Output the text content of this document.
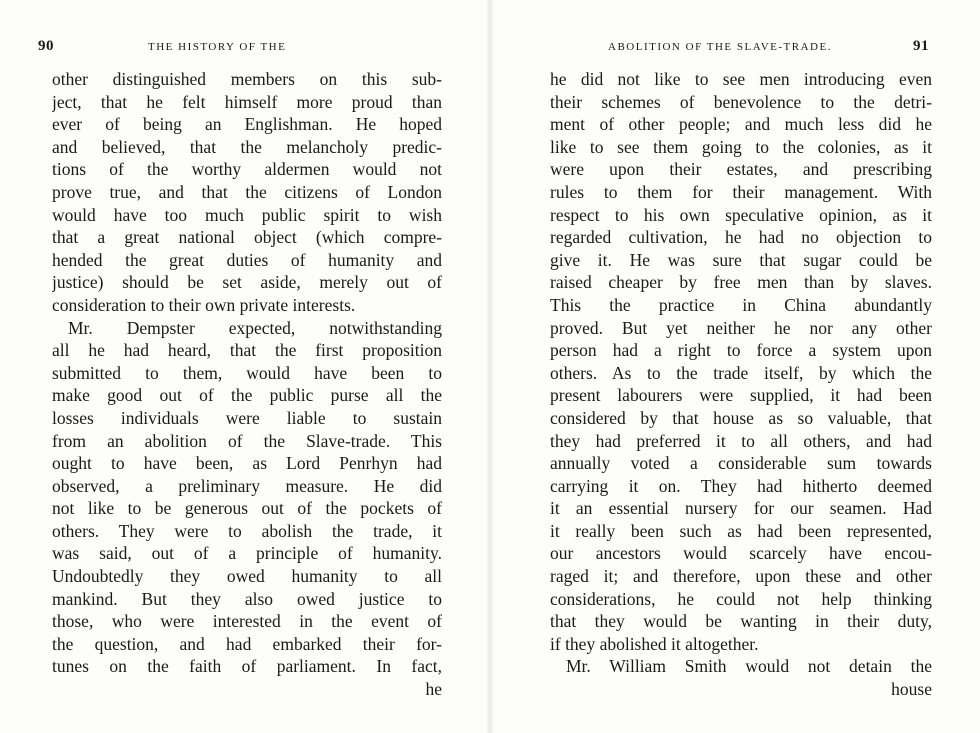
90	THE HISTORY OF THE
other distinguished members on this sub-
ject, that he felt himself more proud than
ever of being an Englishman. He hoped
and believed, that the melancholy predic-
tions of the worthy aldermen would not
prove true, and that the citizens of London
would have too much public spirit to wish
that a great national object (which compre-
hended the great duties of humanity and
justice) should be set aside, merely out of
consideration to their own private interests.
Mr. Dempster expected, notwithstanding
all he had heard, that the first proposition
submitted to them, would have been to
make good out of the public purse all the
losses individuals were liable to sustain
from an abolition of the Slave-trade. This
ought to have been, as Lord Penrhyn had
observed, a preliminary measure. He did
not like to be generous out of the pockets of
others. They were to abolish the trade, it
was said, out of a principle of humanity.
Undoubtedly they owed humanity to all
mankind. But they also owed justice to
those, who were interested in the event of
the question, and had embarked their for-
tunes on the faith of parliament. In fact,
he
ABOLITION OF THE SLAVE-TRADE.	91
he did not like to see men introducing even
their schemes of benevolence to the detri-
ment of other people; and much less did he
like to see them going to the colonies, as it
were upon their estates, and prescribing
rules to them for their management. With
respect to his own speculative opinion, as it
regarded cultivation, he had no objection to
give it. He was sure that sugar could be
raised cheaper by free men than by slaves.
This the practice in China abundantly
proved. But yet neither he nor any other
person had a right to force a system upon
others. As to the trade itself, by which the
present labourers were supplied, it had been
considered by that house as so valuable, that
they had preferred it to all others, and had
annually voted a considerable sum towards
carrying it on. They had hitherto deemed
it an essential nursery for our seamen. Had
it really been such as had been represented,
our ancestors would scarcely have encou-
raged it; and therefore, upon these and other
considerations, he could not help thinking
that they would be wanting in their duty,
if they abolished it altogether.
Mr. William Smith would not detain the
house
